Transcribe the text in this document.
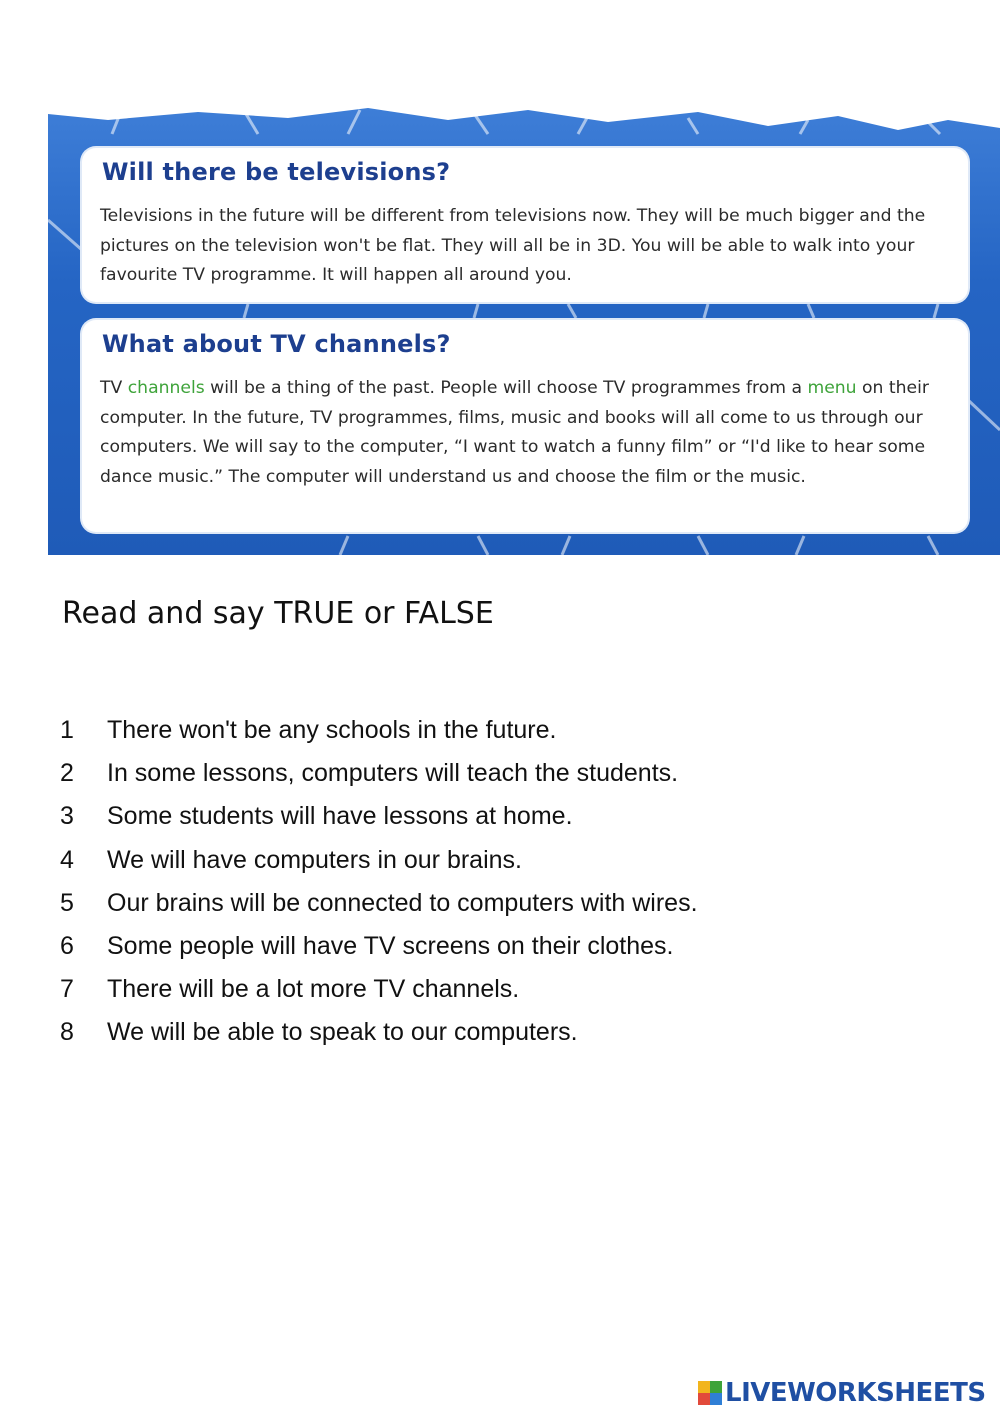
Will there be televisions?

Televisions in the future will be different from televisions now. They will be much bigger and the pictures on the television won't be flat. They will all be in 3D. You will be able to walk into your favourite TV programme. It will happen all around you.

What about TV channels?

TV channels will be a thing of the past. People will choose TV programmes from a menu on their computer. In the future, TV programmes, films, music and books will all come to us through our computers. We will say to the computer, “I want to watch a funny film” or “I'd like to hear some dance music.” The computer will understand us and choose the film or the music.

Read and say TRUE or FALSE
1	There won't be any schools in the future.
2	In some lessons, computers will teach the students.
3	Some students will have lessons at home.
4	We will have computers in our brains.
5	Our brains will be connected to computers with wires.
6	Some people will have TV screens on their clothes.
7	There will be a lot more TV channels.
8	We will be able to speak to our computers.
LIVEWORKSHEETS
